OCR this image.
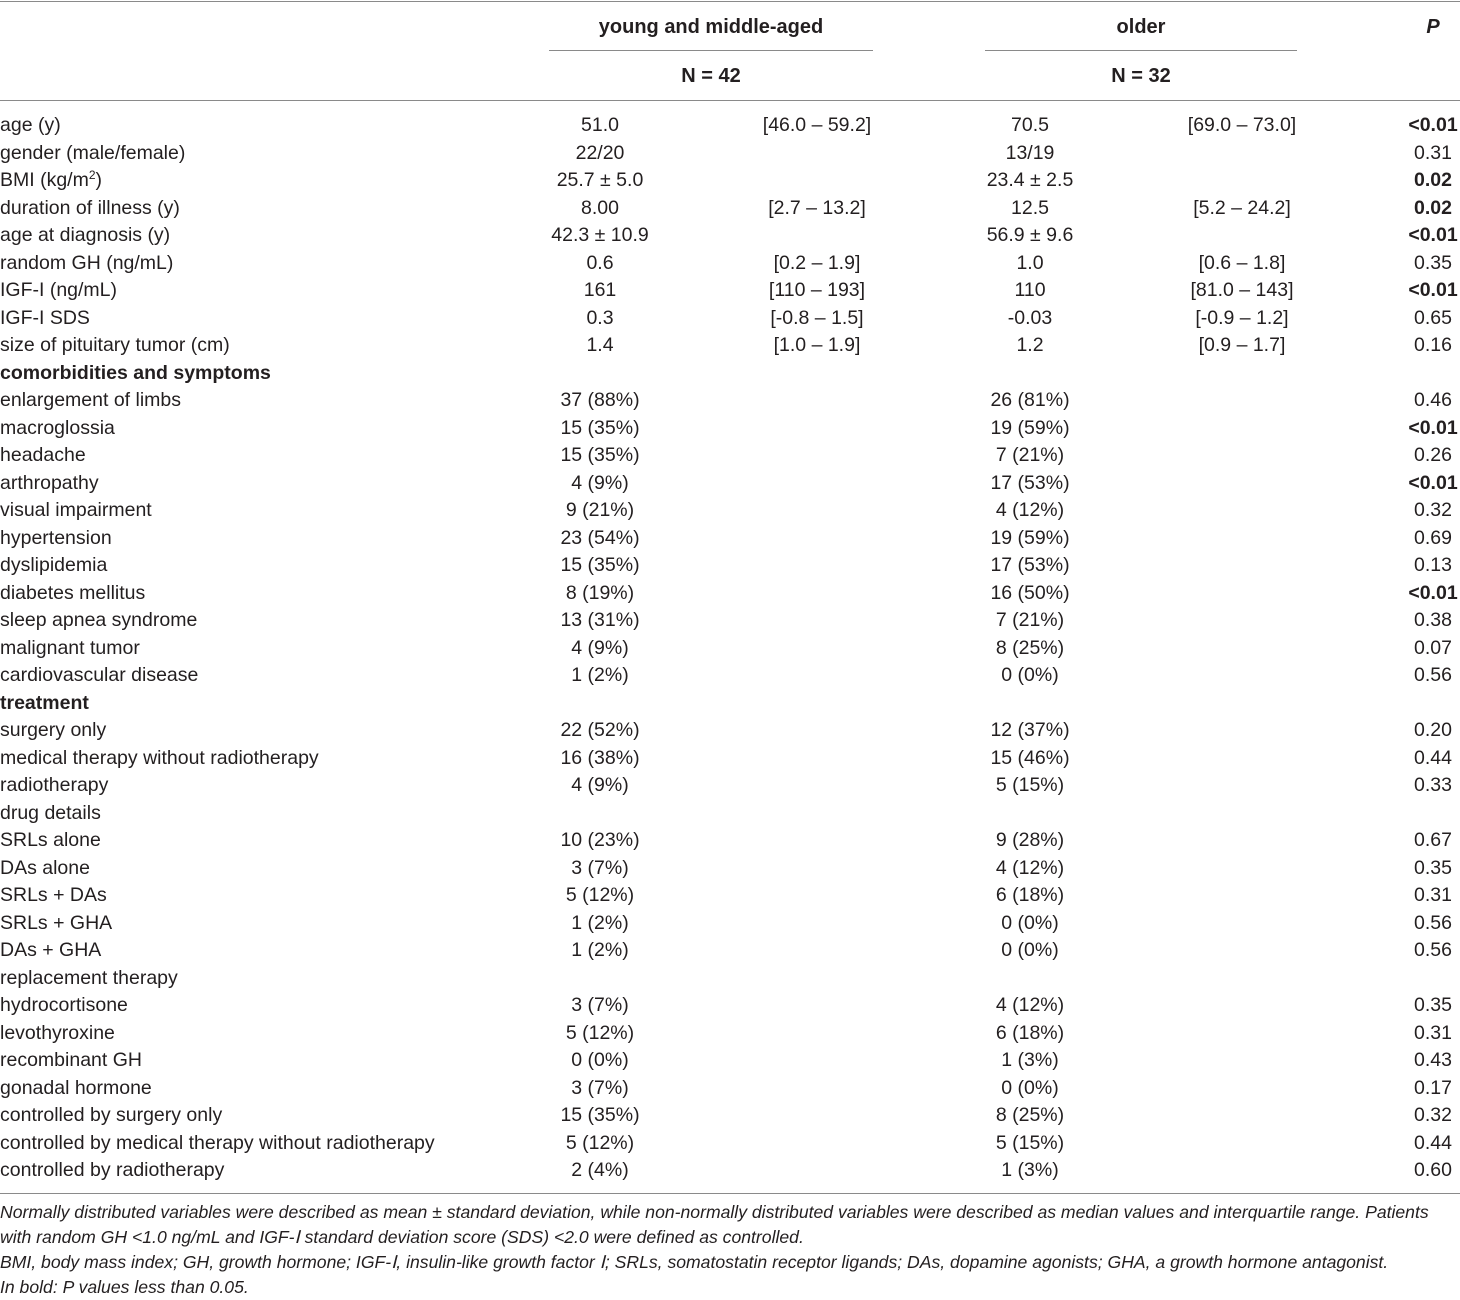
young and middle-aged
N = 42
older
N = 32
P
age (y)	51.0	[46.0 – 59.2]	70.5	[69.0 – 73.0]	<0.01
gender (male/female)	22/20	13/19	0.31
BMI $(kg/m^2)$	25.7 ± 5.0	23.4 ± 2.5	0.02
duration of illness (y)	8.00	[2.7 – 13.2]	12.5	[5.2 – 24.2]	0.02
age at diagnosis (y)	42.3 ± 10.9	56.9 ± 9.6	<0.01
random GH (ng/mL)	0.6	[0.2 – 1.9]	1.0	[0.6 – 1.8]	0.35
IGF-I (ng/mL)	161	[110 – 193]	110	[81.0 – 143]	<0.01
IGF-I SDS	0.3	[-0.8 – 1.5]	-0.03	[-0.9 – 1.2]	0.65
size of pituitary tumor (cm)	1.4	[1.0 – 1.9]	1.2	[0.9 – 1.7]	0.16
comorbidities and symptoms
enlargement of limbs	37 (88%)	26 (81%)	0.46
macroglossia	15 (35%)	19 (59%)	<0.01
headache	15 (35%)	7 (21%)	0.26
arthropathy	4 (9%)	17 (53%)	<0.01
visual impairment	9 (21%)	4 (12%)	0.32
hypertension	23 (54%)	19 (59%)	0.69
dyslipidemia	15 (35%)	17 (53%)	0.13
diabetes mellitus	8 (19%)	16 (50%)	<0.01
sleep apnea syndrome	13 (31%)	7 (21%)	0.38
malignant tumor	4 (9%)	8 (25%)	0.07
cardiovascular disease	1 (2%)	0 (0%)	0.56
treatment
surgery only	22 (52%)	12 (37%)	0.20
medical therapy without radiotherapy	16 (38%)	15 (46%)	0.44
radiotherapy	4 (9%)	5 (15%)	0.33
drug details
SRLs alone	10 (23%)	9 (28%)	0.67
DAs alone	3 (7%)	4 (12%)	0.35
SRLs + DAs	5 (12%)	6 (18%)	0.31
SRLs + GHA	1 (2%)	0 (0%)	0.56
DAs + GHA	1 (2%)	0 (0%)	0.56
replacement therapy
hydrocortisone	3 (7%)	4 (12%)	0.35
levothyroxine	5 (12%)	6 (18%)	0.31
recombinant GH	0 (0%)	1 (3%)	0.43
gonadal hormone	3 (7%)	0 (0%)	0.17
controlled by surgery only	15 (35%)	8 (25%)	0.32
controlled by medical therapy without radiotherapy	5 (12%)	5 (15%)	0.44
controlled by radiotherapy	2 (4%)	1 (3%)	0.60
Normally distributed variables were described as mean ± standard deviation, while non-normally distributed variables were described as median values and interquartile range. Patients
with random GH <1.0 ng/mL and IGF-Ⅰ standard deviation score (SDS) <2.0 were defined as controlled.
BMI, body mass index; GH, growth hormone; IGF-Ⅰ, insulin-like growth factor Ⅰ; SRLs, somatostatin receptor ligands; DAs, dopamine agonists; GHA, a growth hormone antagonist.
In bold: P values less than 0.05.
